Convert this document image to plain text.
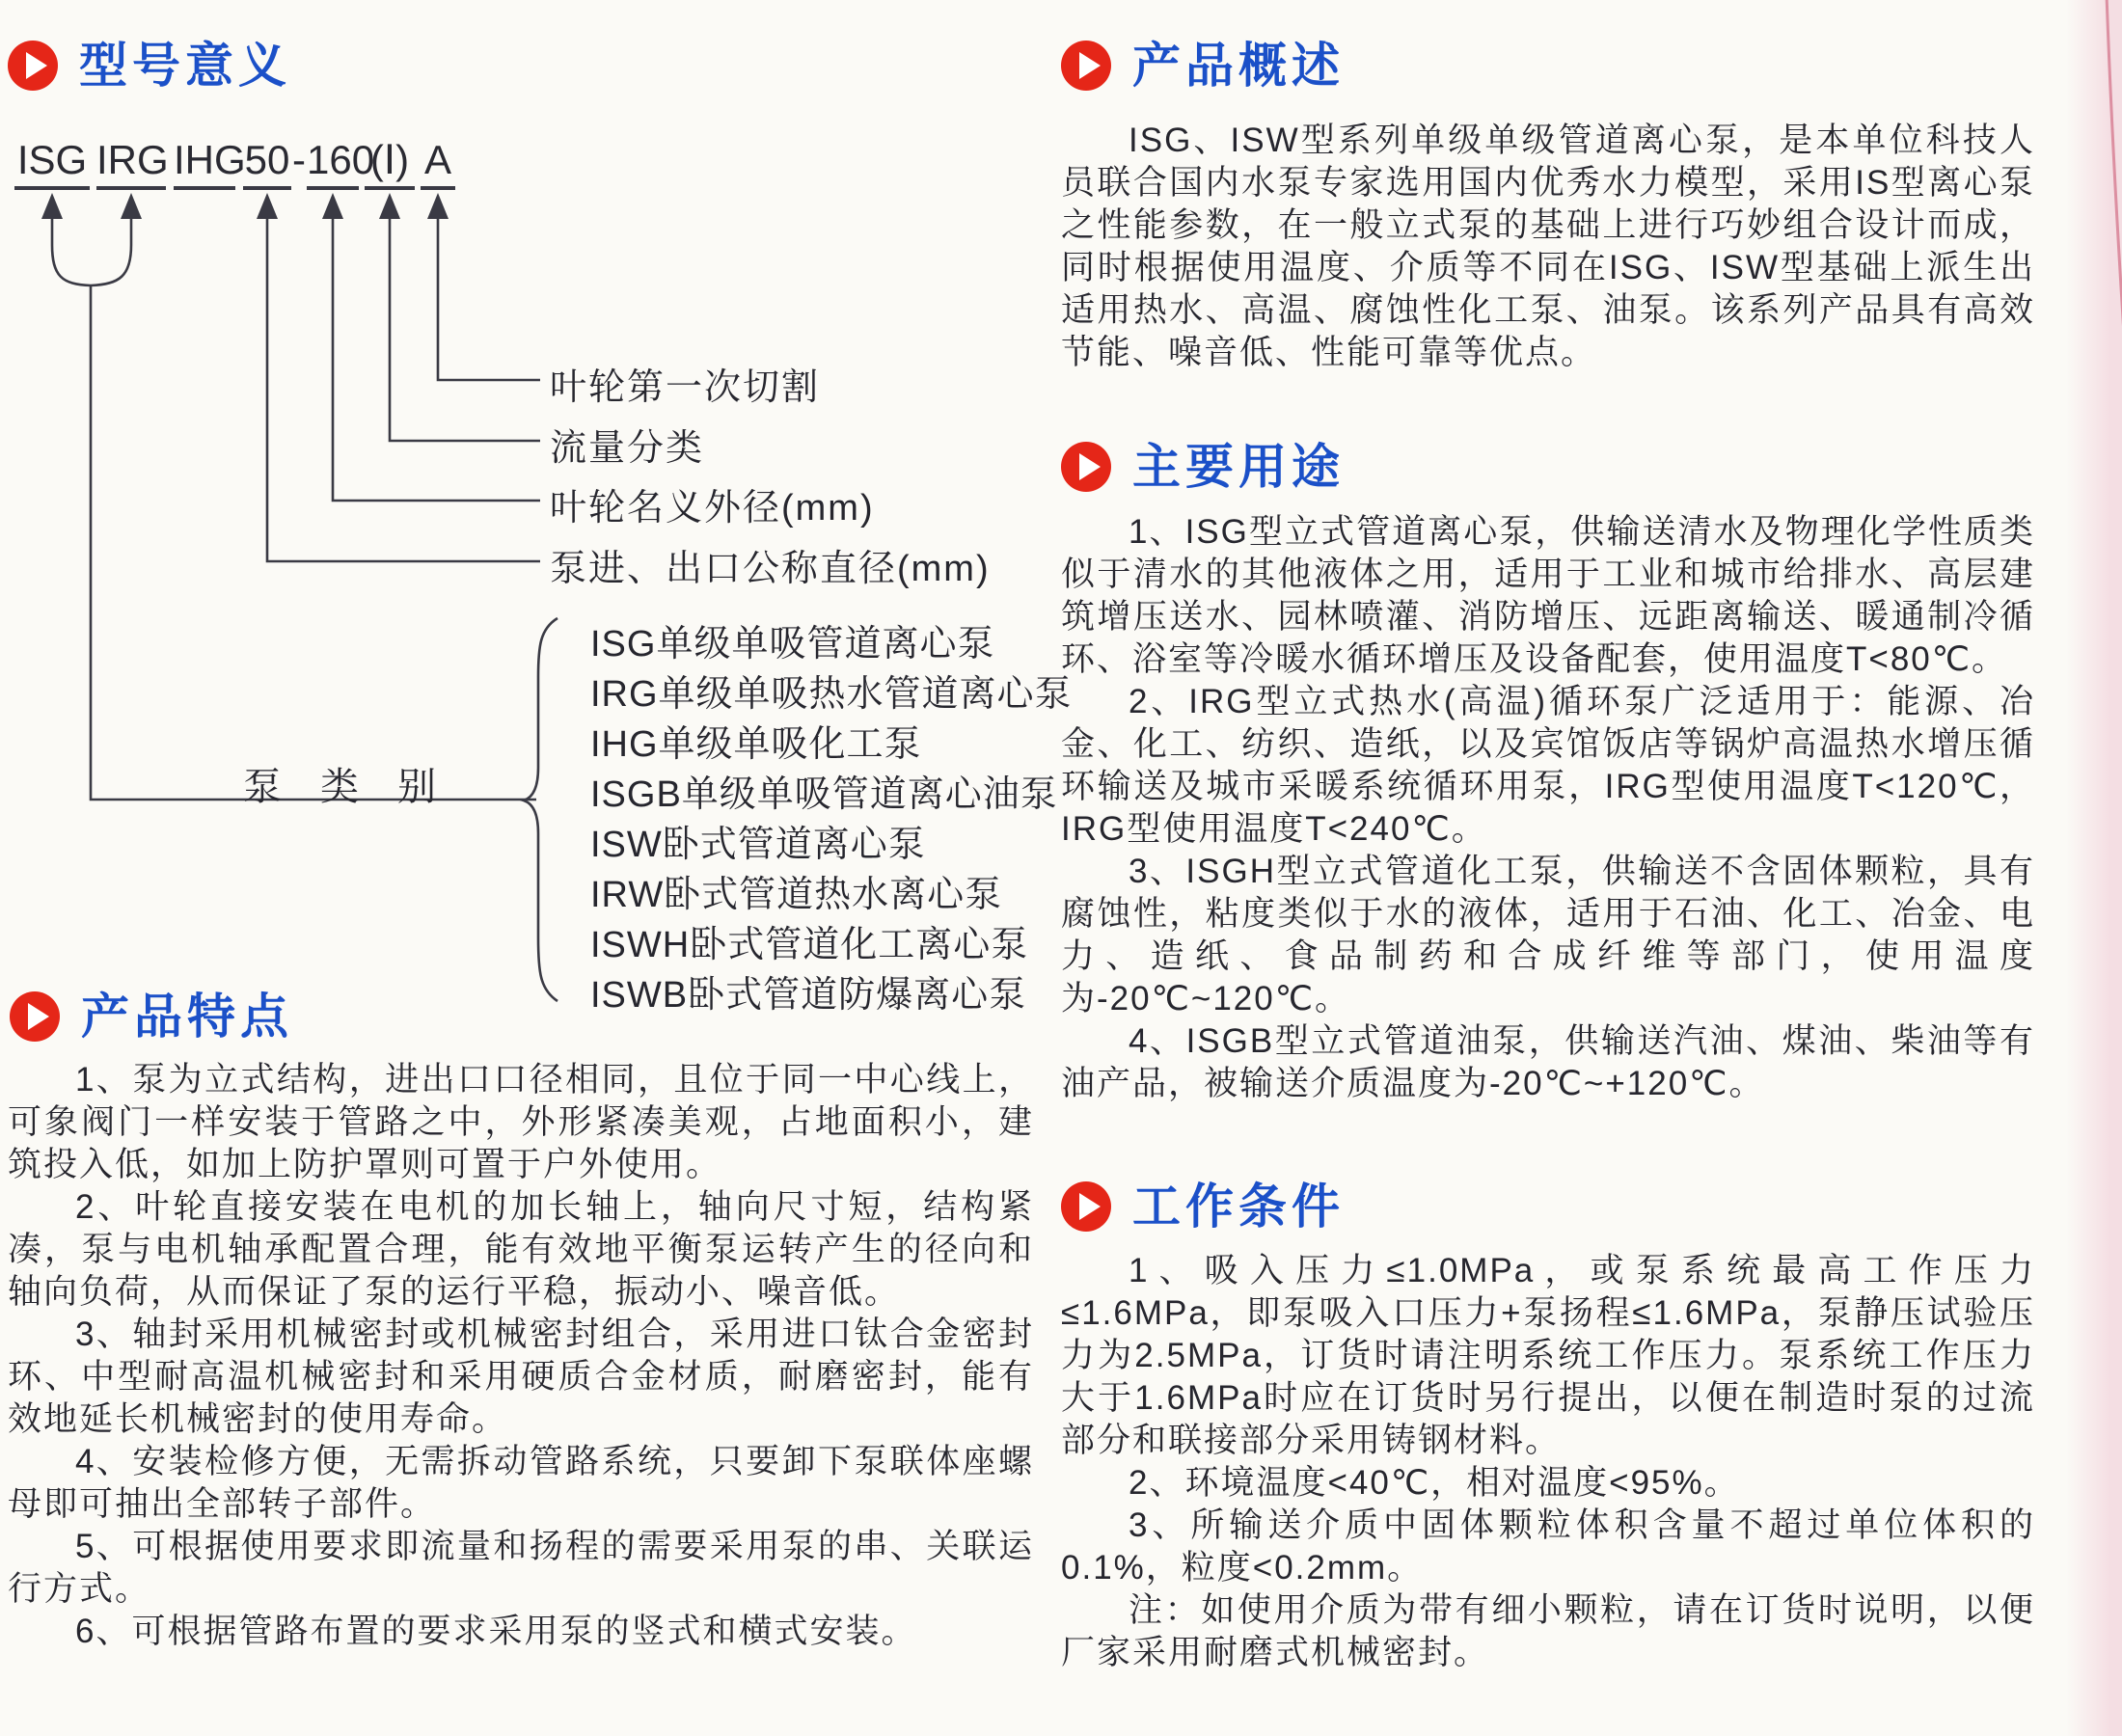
型号意义
ISG IRG IHG
50 - 160
(Ⅰ) A
叶轮第一次切割
流量分类
叶轮名义外径(mm)
泵进、出口公称直径(mm)
泵类别
ISG单级单吸管道离心泵
IRG单级单吸热水管道离心泵
IHG单级单吸化工泵
ISGB单级单吸管道离心油泵
ISW卧式管道离心泵
IRW卧式管道热水离心泵
ISWH卧式管道化工离心泵
ISWB卧式管道防爆离心泵
产品特点

1、泵为立式结构，进出口口径相同，且位于同一中心线上，可象阀门一样安装于管路之中，外形紧凑美观，占地面积小，建筑投入低，如加上防护罩则可置于户外使用。

2、叶轮直接安装在电机的加长轴上，轴向尺寸短，结构紧凑，泵与电机轴承配置合理，能有效地平衡泵运转产生的径向和轴向负荷，从而保证了泵的运行平稳，振动小、噪音低。

3、轴封采用机械密封或机械密封组合，采用进口钛合金密封环、中型耐高温机械密封和采用硬质合金材质，耐磨密封，能有效地延长机械密封的使用寿命。

4、安装检修方便，无需拆动管路系统，只要卸下泵联体座螺母即可抽出全部转子部件。

5、可根据使用要求即流量和扬程的需要采用泵的串、关联运行方式。

6、可根据管路布置的要求采用泵的竖式和横式安装。

产品概述

ISG、ISW型系列单级单级管道离心泵，是本单位科技人员联合国内水泵专家选用国内优秀水力模型，采用IS型离心泵之性能参数，在一般立式泵的基础上进行巧妙组合设计而成，同时根据使用温度、介质等不同在ISG、ISW型基础上派生出适用热水、高温、腐蚀性化工泵、油泵。该系列产品具有高效节能、噪音低、性能可靠等优点。

主要用途

1、ISG型立式管道离心泵，供输送清水及物理化学性质类似于清水的其他液体之用，适用于工业和城市给排水、高层建筑增压送水、园林喷灌、消防增压、远距离输送、暖通制冷循环、浴室等冷暖水循环增压及设备配套，使用温度T<80℃。

2、IRG型立式热水(高温)循环泵广泛适用于：能源、冶金、化工、纺织、造纸，以及宾馆饭店等锅炉高温热水增压循环输送及城市采暖系统循环用泵，IRG型使用温度T<120℃，IRG型使用温度T<240℃。

3、ISGH型立式管道化工泵，供输送不含固体颗粒，具有腐蚀性，粘度类似于水的液体，适用于石油、化工、冶金、电力、造纸、食品制药和合成纤维等部门，使用温度为-20℃~120℃。

4、ISGB型立式管道油泵，供输送汽油、煤油、柴油等有油产品，被输送介质温度为-20℃~+120℃。

工作条件

1、吸入压力≤1.0MPa，或泵系统最高工作压力≤1.6MPa，即泵吸入口压力+泵扬程≤1.6MPa，泵静压试验压力为2.5MPa，订货时请注明系统工作压力。泵系统工作压力大于1.6MPa时应在订货时另行提出，以便在制造时泵的过流部分和联接部分采用铸钢材料。

2、环境温度<40℃，相对温度<95%。

3、所输送介质中固体颗粒体积含量不超过单位体积的0.1%，粒度<0.2mm。

注：如使用介质为带有细小颗粒，请在订货时说明，以便厂家采用耐磨式机械密封。
